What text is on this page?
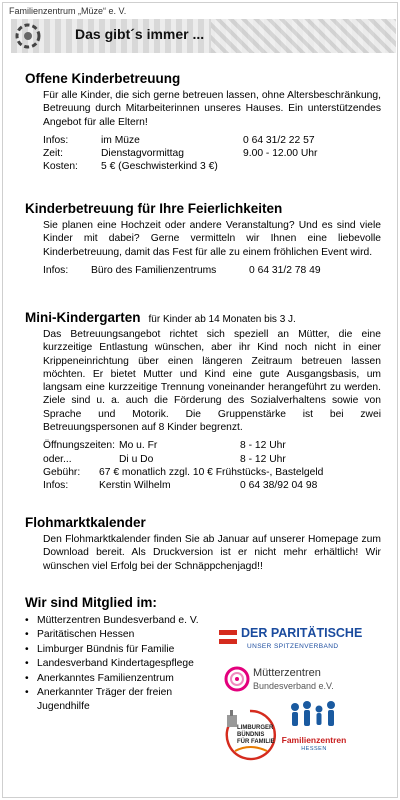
Familienzentrum „Müze“ e. V.
Das gibt´s immer ...
Offene Kinderbetreuung
Für alle Kinder, die sich gerne betreuen lassen, ohne Altersbeschränkung, Betreuung durch Mitarbeiterinnen unseres Hauses. Ein unterstützendes Angebot für alle Eltern!
Infos:	im Müze	0 64 31/2 22 57
Zeit:	Dienstagvormittag	9.00 - 12.00 Uhr
Kosten:	5 € (Geschwisterkind 3 €)
Kinderbetreuung für Ihre Feierlichkeiten
Sie planen eine Hochzeit oder andere Veranstaltung? Und es sind viele Kinder mit dabei? Gerne vermitteln wir Ihnen eine liebevolle Kinderbetreuung, damit das Fest für alle zu einem fröhlichen Event wird.
Infos:	Büro des Familienzentrums	0 64 31/2 78 49
Mini-Kindergarten für Kinder ab 14 Monaten bis 3 J.
Das Betreuungsangebot richtet sich speziell an Mütter, die eine kurzzeitige Entlastung wünschen, aber ihr Kind noch nicht in einer Krippeneinrichtung über einen längeren Zeitraum betreuen lassen möchten. Er bietet Mutter und Kind eine gute Ausgangsbasis, um langsam eine kurzzeitige Trennung voneinander herangeführt zu werden. Ziele sind u. a. auch die Förderung des Sozialverhaltens sowie von Sprache und Motorik. Die Gruppenstärke ist bei zwei Betreuungspersonen auf 8 Kinder begrenzt.
Öffnungszeiten: Mo u. Fr	8 - 12 Uhr
oder...	Di u Do	8 - 12 Uhr
Gebühr:	67 € monatlich zzgl. 10 € Frühstücks-, Bastelgeld
Infos:	Kerstin Wilhelm	0 64 38/92 04 98
Flohmarktkalender
Den Flohmarktkalender finden Sie ab Januar auf unserer Homepage zum Download bereit. Als Druckversion ist er nicht mehr erhältlich! Wir wünschen viel Erfolg bei der Schnäppchenjagd!!
Wir sind Mitglied im:
• Mütterzentren Bundesverband e. V.
• Paritätischen Hessen
• Limburger Bündnis für Familie
• Landesverband Kindertagespflege
• Anerkanntes Familienzentrum
• Anerkannter Träger der freien Jugendhilfe
DER PARITÄTISCHE
UNSER SPITZENVERBAND
Mütterzentren
Bundesverband e.V.
LIMBURGER BÜNDNIS
FÜR FAMILIE Familienzentren
HESSEN
